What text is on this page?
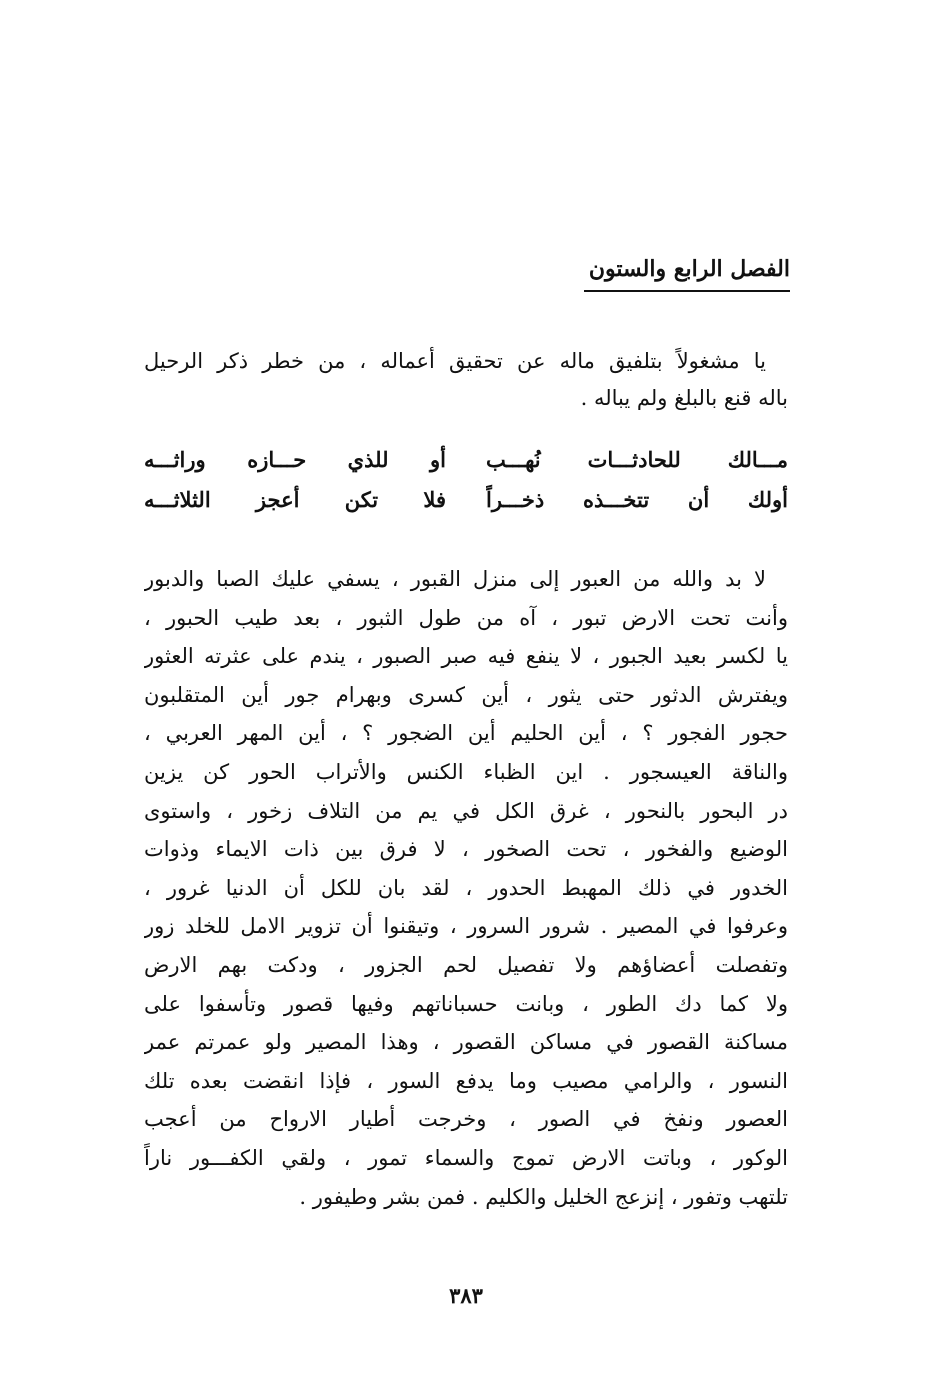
الفصل الرابع والستون
يا مشغولاً بتلفيق ماله عن تحقيق أعماله ، من خطر ذكر الرحيل
باله قنع بالبلغ ولم يباله .
مـــالك للحادثـــات نُهـــب
أو للذي حـــازه وراثـــه
أولك أن تتخـــذه ذخـــراً
فلا تكن أعجز الثلاثـــه
لا بد والله من العبور إلى منزل القبور ، يسفي عليك الصبا والدبور
وأنت تحت الارض تبور ، آه من طول الثبور ، بعد طيب الحبور ،
يا لكسر بعيد الجبور ، لا ينفع فيه صبر الصبور ، يندم على عثرته العثور
ويفترش الدثور حتى يثور ، أين كسرى وبهرام جور أين المتقلبون
حجور الفجور ؟ ، أين الحليم أين الضجور ؟ ، أين المهر العربي ،
والناقة العيسجور . اين الظباء الكنس والأتراب الحور كن يزين
در البحور بالنحور ، غرق الكل في يم من التلاف زخور ، واستوى
الوضيع والفخور ، تحت الصخور ، لا فرق بين ذات الايماء وذوات
الخدور في ذلك المهبط الحدور ، لقد بان للكل أن الدنيا غرور ،
وعرفوا في المصير . شرور السرور ، وتيقنوا أن تزوير الامل للخلد زور
وتفصلت أعضاؤهم ولا تفصيل لحم الجزور ، ودكت بهم الارض
ولا كما دك الطور ، وبانت حسباناتهم وفيها قصور وتأسفوا على
مساكنة القصور في مساكن القصور ، وهذا المصير ولو عمرتم عمر
النسور ، والرامي مصيب وما يدفع السور ، فإذا انقضت بعده تلك
العصور ونفخ في الصور ، وخرجت أطيار الارواح من أعجب
الوكور ، وباتت الارض تموج والسماء تمور ، ولقي الكفـــور ناراً
تلتهب وتفور ، إنزعج الخليل والكليم . فمن بشر وطيفور .
٣٨٣
